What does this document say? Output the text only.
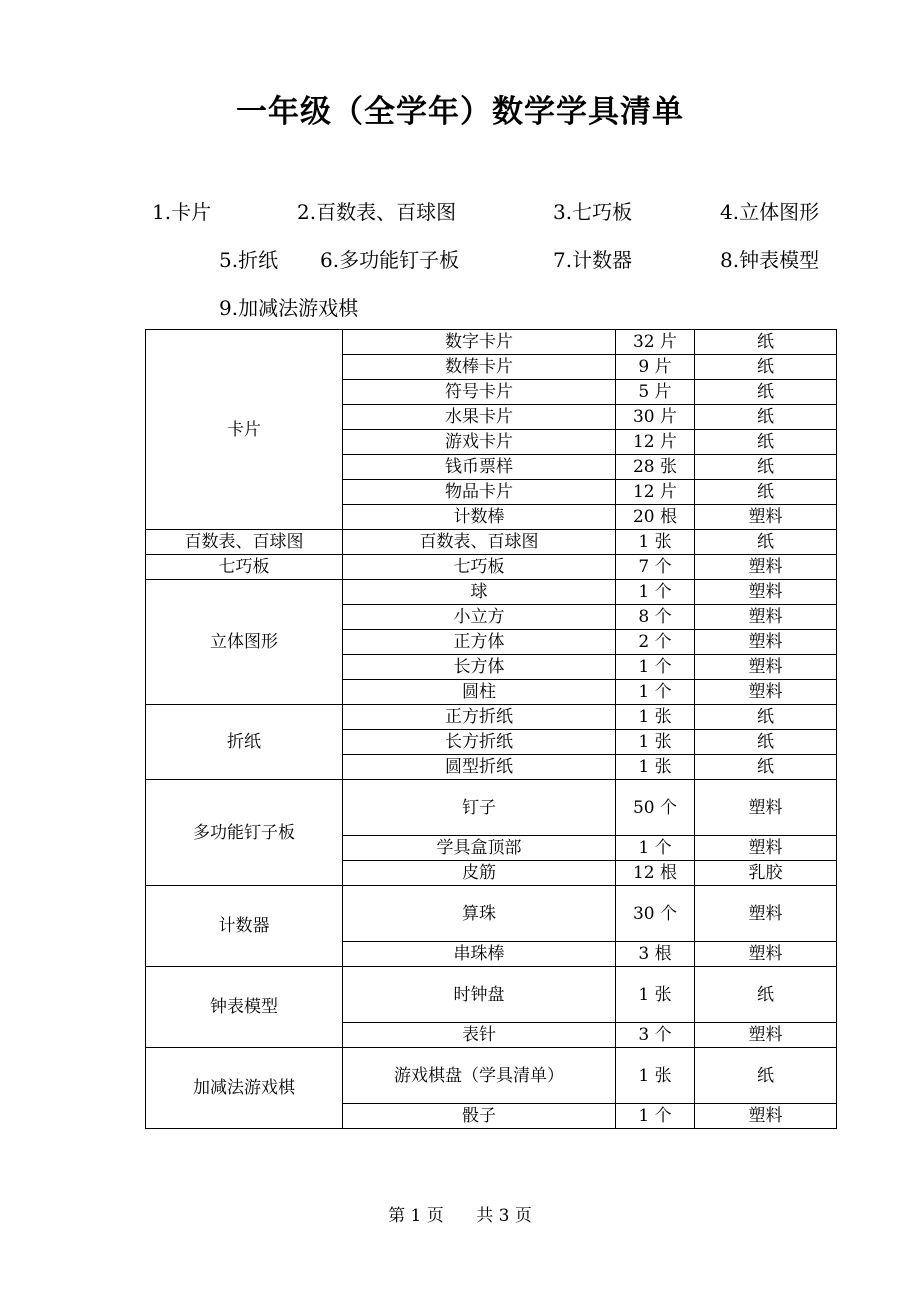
一年级（全学年）数学学具清单
1.卡片	2.百数表、百球图	3.七巧板	4.立体图形
5.折纸 6.多功能钉子板	7.计数器	8.钟表模型
9.加减法游戏棋
卡片	数字卡片	32 片	纸
	数棒卡片	9 片	纸
	符号卡片	5 片	纸
	水果卡片	30 片	纸
	游戏卡片	12 片	纸
	钱币票样	28 张	纸
	物品卡片	12 片	纸
	计数棒	20 根	塑料
百数表、百球图	百数表、百球图	1 张	纸
七巧板	七巧板	7 个	塑料
立体图形	球	1 个	塑料
	小立方	8 个	塑料
	正方体	2 个	塑料
	长方体	1 个	塑料
	圆柱	1 个	塑料
折纸	正方折纸	1 张	纸
	长方折纸	1 张	纸
	圆型折纸	1 张	纸
多功能钉子板	钉子	50 个	塑料
	学具盒顶部	1 个	塑料
	皮筋	12 根	乳胶
计数器	算珠	30 个	塑料
	串珠棒	3 根	塑料
钟表模型	时钟盘	1 张	纸
	表针	3 个	塑料
加减法游戏棋	游戏棋盘（学具清单）	1 张	纸
	骰子	1 个	塑料
第 1 页      共 3 页
